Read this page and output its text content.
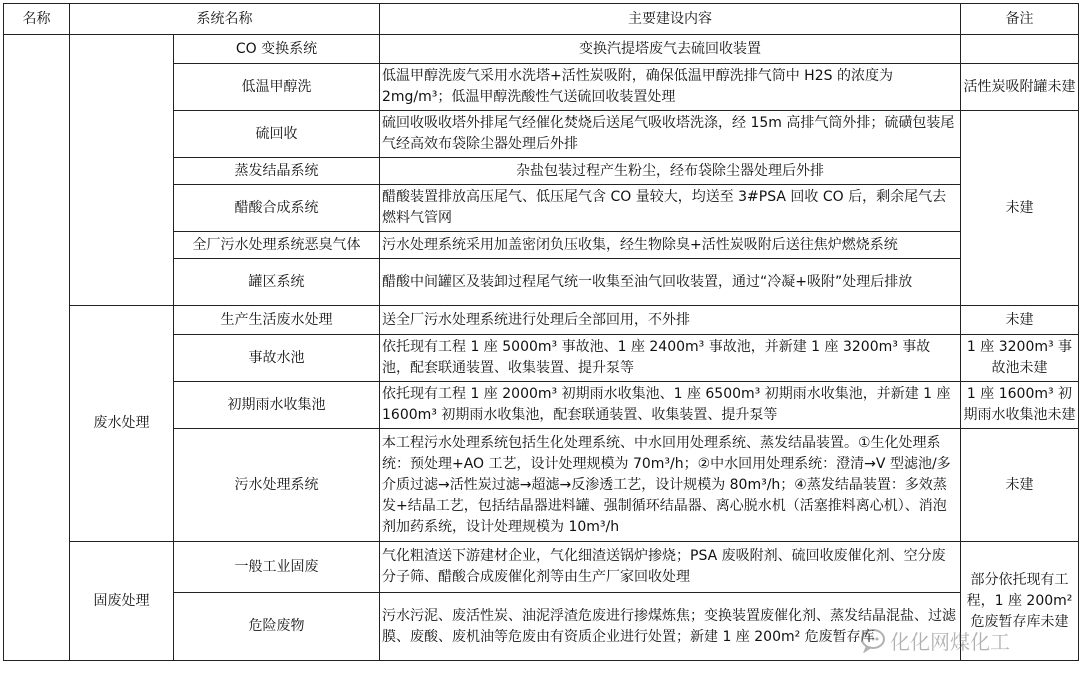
名称	系统名称		主要建设内容	备注
		CO 变换系统	变换汽提塔废气去硫回收装置	
		低温甲醇洗	低温甲醇洗废气采用水洗塔+活性炭吸附，确保低温甲醇洗排气筒中 H2S 的浓度为 2mg/m³；低温甲醇洗酸性气送硫回收装置处理	活性炭吸附罐未建
		硫回收	硫回收吸收塔外排尾气经催化焚烧后送尾气吸收塔洗涤，经 15m 高排气筒外排；硫磺包装尾气经高效布袋除尘器处理后外排	未建
		蒸发结晶系统	杂盐包装过程产生粉尘，经布袋除尘器处理后外排	
		醋酸合成系统	醋酸装置排放高压尾气、低压尾气含 CO 量较大，均送至 3#PSA 回收 CO 后，剩余尾气去燃料气管网	
		全厂污水处理系统恶臭气体	污水处理系统采用加盖密闭负压收集，经生物除臭+活性炭吸附后送往焦炉燃烧系统	
		罐区系统	醋酸中间罐区及装卸过程尾气统一收集至油气回收装置，通过“冷凝+吸附”处理后排放	
	废水处理	生产生活废水处理	送全厂污水处理系统进行处理后全部回用，不外排	未建
		事故水池	依托现有工程 1 座 5000m³ 事故池、1 座 2400m³ 事故池，并新建 1 座 3200m³ 事故池，配套联通装置、收集装置、提升泵等	1 座 3200m³ 事故池未建
		初期雨水收集池	依托现有工程 1 座 2000m³ 初期雨水收集池、1 座 6500m³ 初期雨水收集池，并新建 1 座 1600m³ 初期雨水收集池，配套联通装置、收集装置、提升泵等	1 座 1600m³ 初期雨水收集池未建
		污水处理系统	本工程污水处理系统包括生化处理系统、中水回用处理系统、蒸发结晶装置。①生化处理系统：预处理+AO 工艺，设计处理规模为 70m³/h；②中水回用处理系统：澄清→V 型滤池/多介质过滤→活性炭过滤→超滤→反渗透工艺，设计规模为 80m³/h；④蒸发结晶装置：多效蒸发+结晶工艺，包括结晶器进料罐、强制循环结晶器、离心脱水机（活塞推料离心机）、消泡剂加药系统，设计处理规模为 10m³/h	未建
	固废处理	一般工业固废	气化粗渣送下游建材企业，气化细渣送锅炉掺烧；PSA 废吸附剂、硫回收废催化剂、空分废分子筛、醋酸合成废催化剂等由生产厂家回收处理	部分依托现有工程，1 座 200m² 危废暂存库未建
		危险废物	污水污泥、废活性炭、油泥浮渣危废进行掺煤炼焦；变换装置废催化剂、蒸发结晶混盐、过滤膜、废酸、废机油等危废由有资质企业进行处置；新建 1 座 200m² 危废暂存库	化化网煤化工
